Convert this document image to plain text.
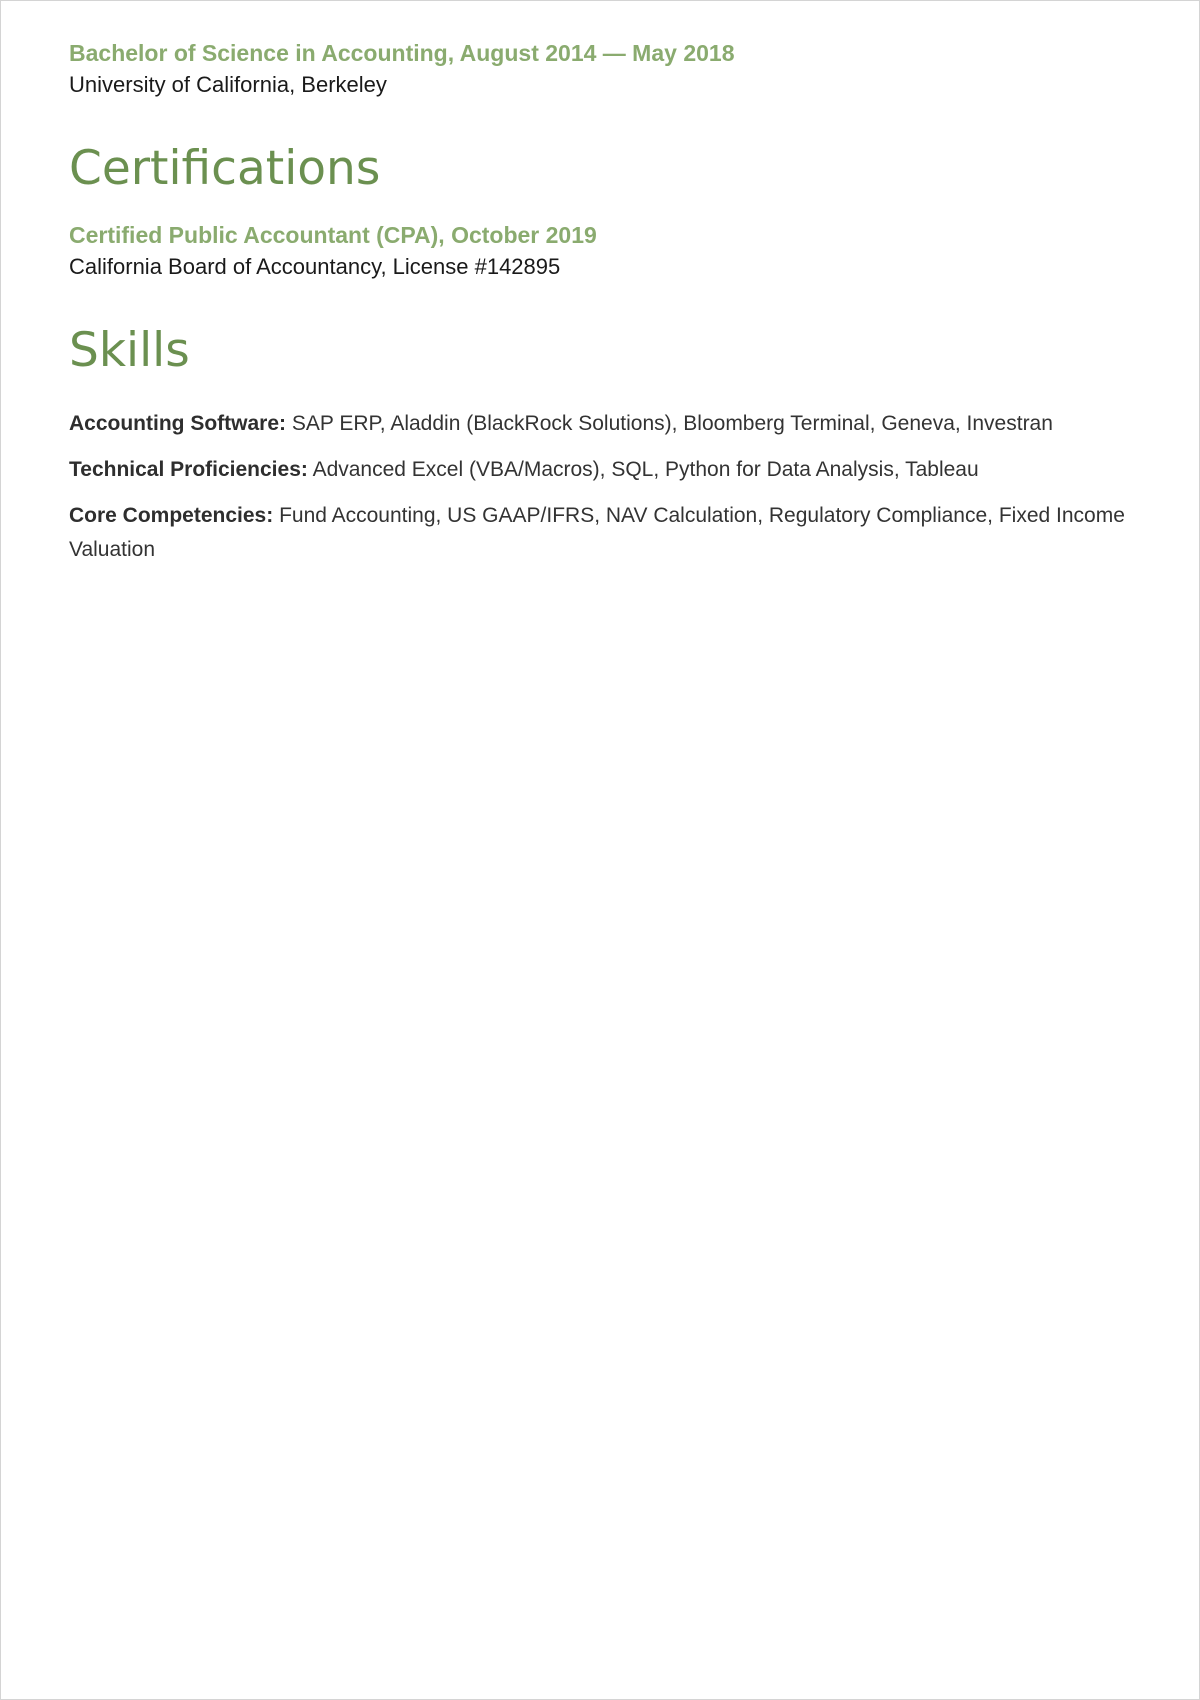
Bachelor of Science in Accounting, August 2014 — May 2018

University of California, Berkeley

Certifications

Certified Public Accountant (CPA), October 2019

California Board of Accountancy, License #142895

Skills

Accounting Software: SAP ERP, Aladdin (BlackRock Solutions), Bloomberg Terminal, Geneva, Investran

Technical Proficiencies: Advanced Excel (VBA/Macros), SQL, Python for Data Analysis, Tableau

Core Competencies: Fund Accounting, US GAAP/IFRS, NAV Calculation, Regulatory Compliance, Fixed Income Valuation
